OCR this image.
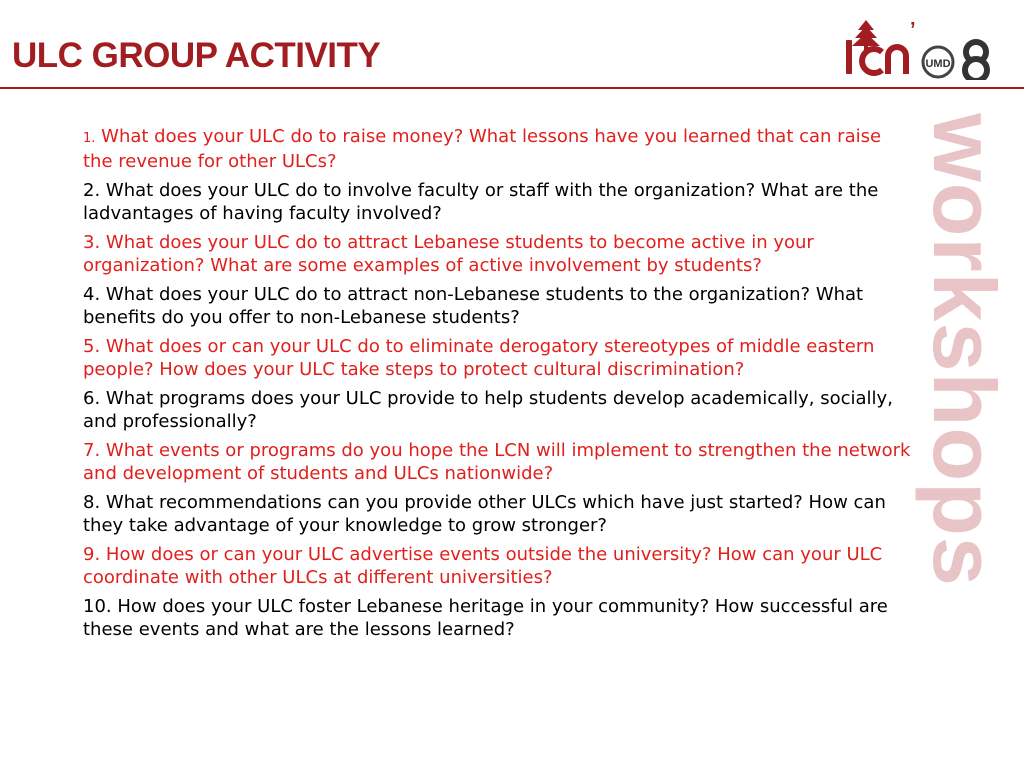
ULC GROUP ACTIVITY
’
UMD
workshops
1. What does your ULC do to raise money? What lessons have you learned that can raise the revenue for other ULCs?
2. What does your ULC do to involve faculty or staff with the organization? What are the ladvantages of having faculty involved?
3. What does your ULC do to attract Lebanese students to become active in your organization? What are some examples of active involvement by students?
4. What does your ULC do to attract non-Lebanese students to the organization? What benefits do you offer to non-Lebanese students?
5. What does or can your ULC do to eliminate derogatory stereotypes of middle eastern people? How does your ULC take steps to protect cultural discrimination?
6. What programs does your ULC provide to help students develop academically, socially, and professionally?
7. What events or programs do you hope the LCN will implement to strengthen the network and development of students and ULCs nationwide?
8. What recommendations can you provide other ULCs which have just started? How can they take advantage of your knowledge to grow stronger?
9. How does or can your ULC advertise events outside the university? How can your ULC coordinate with other ULCs at different universities?
10. How does your ULC foster Lebanese heritage in your community? How successful are these events and what are the lessons learned?
